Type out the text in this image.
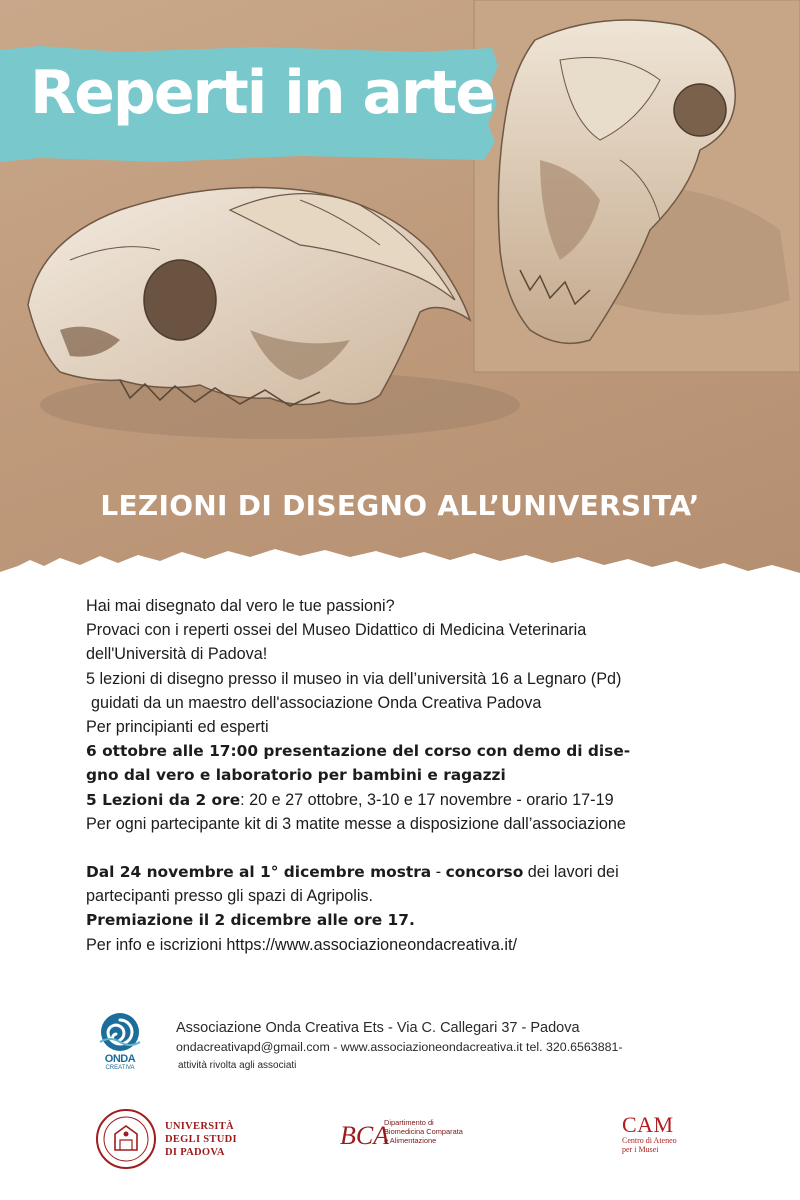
Reperti in arte
LEZIONI DI DISEGNO ALL’UNIVERSITA’

Hai mai disegnato dal vero le tue passioni?

Provaci con i reperti ossei del Museo Didattico di Medicina Veterinaria

dell'Università di Padova!

5 lezioni di disegno presso il museo in via dell’università 16 a Legnaro (Pd)

guidati da un maestro dell'associazione Onda Creativa Padova

Per principianti ed esperti

6 ottobre alle 17:00 presentazione del corso con demo di dise-

gno dal vero e laboratorio per bambini e ragazzi

5 Lezioni da 2 ore: 20 e 27 ottobre, 3-10 e 17 novembre - orario 17-19

Per ogni partecipante kit di 3 matite messe a disposizione dall’associazione

Dal 24 novembre al 1° dicembre mostra - concorso dei lavori dei

partecipanti presso gli spazi di Agripolis.

Premiazione il 2 dicembre alle ore 17.

Per info e iscrizioni https://www.associazioneondacreativa.it/

ONDA
CREATIVA

Associazione Onda Creativa Ets - Via C. Callegari 37 - Padova

ondacreativapd@gmail.com - www.associazioneondacreativa.it tel. 320.6563881-

attività rivolta agli associati

UNIVERSITÀ
DEGLI STUDI
DI PADOVA
BCA
Dipartimento di
Biomedicina Comparata
e Alimentazione

CAM

Centro di Ateneo
per i Musei
